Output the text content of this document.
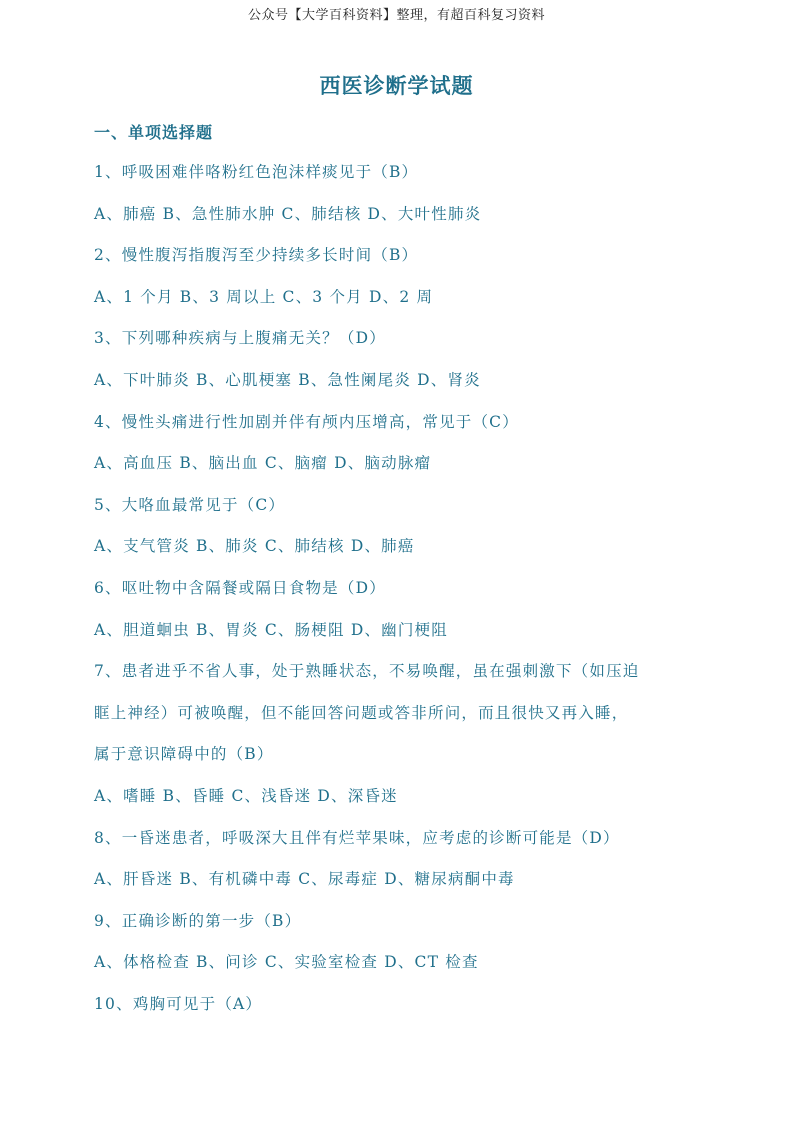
公众号【大学百科资料】整理，有超百科复习资料
西医诊断学试题
一、单项选择题
1、呼吸困难伴咯粉红色泡沫样痰见于（B）
A、肺癌 B、急性肺水肿 C、肺结核 D、大叶性肺炎
2、慢性腹泻指腹泻至少持续多长时间（B）
A、1 个月 B、3 周以上 C、3 个月 D、2 周
3、下列哪种疾病与上腹痛无关？（D）
A、下叶肺炎 B、心肌梗塞 B、急性阑尾炎 D、肾炎
4、慢性头痛进行性加剧并伴有颅内压增高，常见于（C）
A、高血压 B、脑出血 C、脑瘤 D、脑动脉瘤
5、大咯血最常见于（C）
A、支气管炎 B、肺炎 C、肺结核 D、肺癌
6、呕吐物中含隔餐或隔日食物是（D）
A、胆道蛔虫 B、胃炎 C、肠梗阻 D、幽门梗阻
7、患者进乎不省人事，处于熟睡状态，不易唤醒，虽在强刺激下（如压迫
眶上神经）可被唤醒，但不能回答问题或答非所问，而且很快又再入睡，
属于意识障碍中的（B）
A、嗜睡 B、昏睡 C、浅昏迷 D、深昏迷
8、一昏迷患者，呼吸深大且伴有烂苹果味，应考虑的诊断可能是（D）
A、肝昏迷 B、有机磷中毒 C、尿毒症 D、糖尿病酮中毒
9、正确诊断的第一步（B）
A、体格检查 B、问诊 C、实验室检查 D、CT 检查
10、鸡胸可见于（A）
